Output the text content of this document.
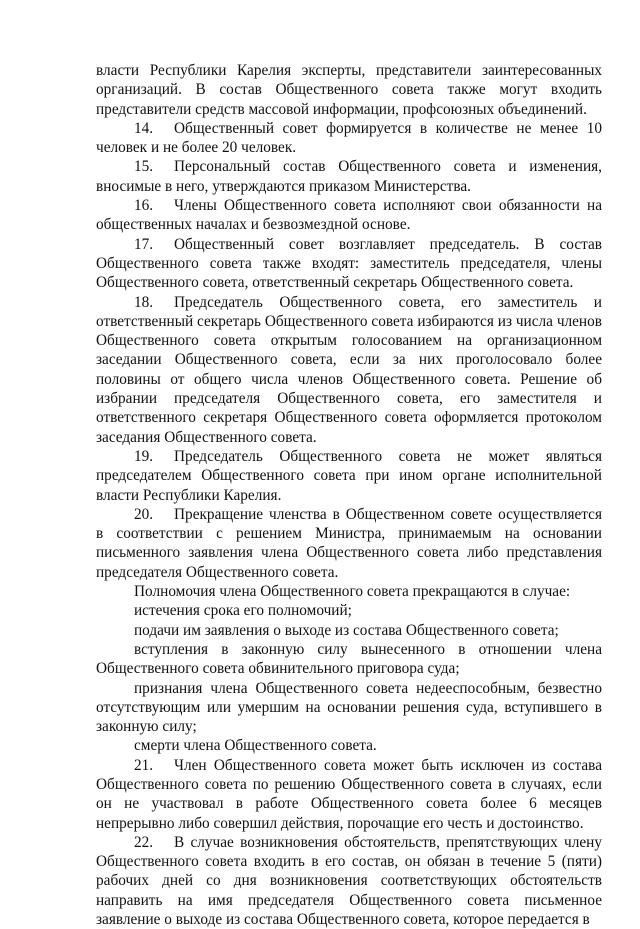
власти Республики Карелия эксперты, представители заинтересованных организаций. В состав Общественного совета также могут входить представители средств массовой информации, профсоюзных объединений.

14. Общественный совет формируется в количестве не менее 10 человек и не более 20 человек.

15. Персональный состав Общественного совета и изменения, вносимые в него, утверждаются приказом Министерства.

16. Члены Общественного совета исполняют свои обязанности на общественных началах и безвозмездной основе.

17. Общественный совет возглавляет председатель. В состав Общественного совета также входят: заместитель председателя, члены Общественного совета, ответственный секретарь Общественного совета.

18. Председатель Общественного совета, его заместитель и ответственный секретарь Общественного совета избираются из числа членов Общественного совета открытым голосованием на организационном заседании Общественного совета, если за них проголосовало более половины от общего числа членов Общественного совета. Решение об избрании председателя Общественного совета, его заместителя и ответственного секретаря Общественного совета оформляется протоколом заседания Общественного совета.

19. Председатель Общественного совета не может являться председателем Общественного совета при ином органе исполнительной власти Республики Карелия.

20. Прекращение членства в Общественном совете осуществляется в соответствии с решением Министра, принимаемым на основании письменного заявления члена Общественного совета либо представления председателя Общественного совета.

Полномочия члена Общественного совета прекращаются в случае:

истечения срока его полномочий;

подачи им заявления о выходе из состава Общественного совета;

вступления в законную силу вынесенного в отношении члена Общественного совета обвинительного приговора суда;

признания члена Общественного совета недееспособным, безвестно отсутствующим или умершим на основании решения суда, вступившего в законную силу;

смерти члена Общественного совета.

21. Член Общественного совета может быть исключен из состава Общественного совета по решению Общественного совета в случаях, если он не участвовал в работе Общественного совета более 6 месяцев непрерывно либо совершил действия, порочащие его честь и достоинство.

22. В случае возникновения обстоятельств, препятствующих члену Общественного совета входить в его состав, он обязан в течение 5 (пяти) рабочих дней со дня возникновения соответствующих обстоятельств направить на имя председателя Общественного совета письменное заявление о выходе из состава Общественного совета, которое передается в
